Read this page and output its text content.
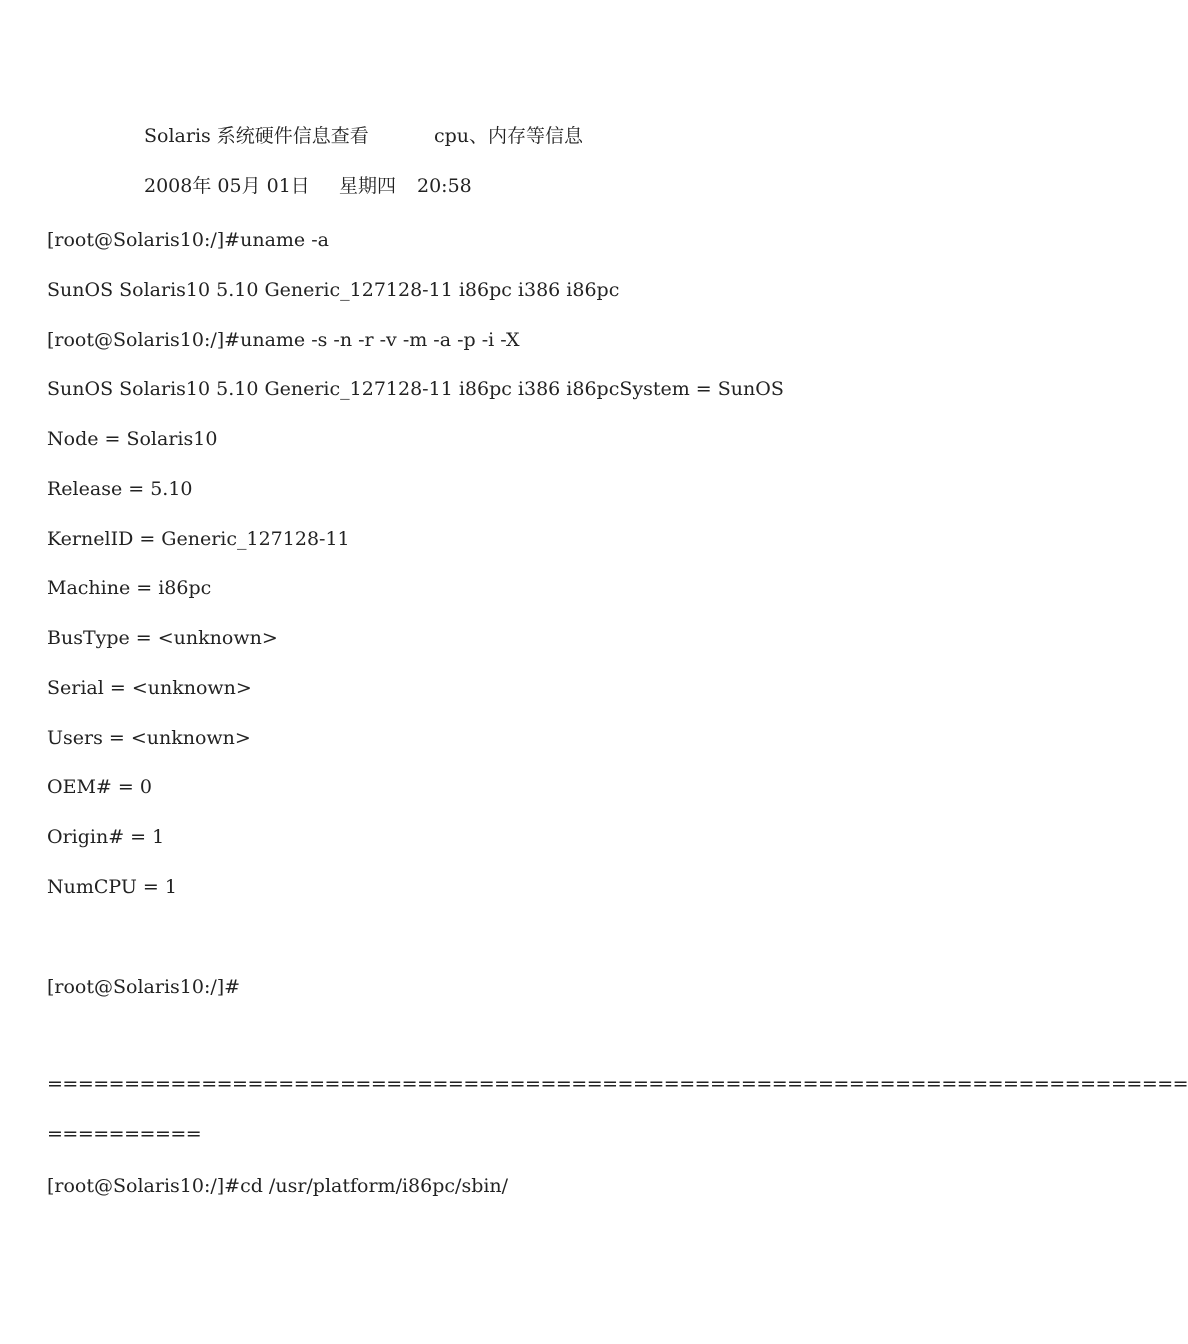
Solaris 系统硬件信息查看	cpu、内存等信息
2008年 05月 01日 星期四 20:58
[root@Solaris10:/]#uname -a
SunOS Solaris10 5.10 Generic_127128-11 i86pc i386 i86pc
[root@Solaris10:/]#uname -s -n -r -v -m -a -p -i -X
SunOS Solaris10 5.10 Generic_127128-11 i86pc i386 i86pcSystem = SunOS
Node = Solaris10
Release = 5.10
KernelID = Generic_127128-11
Machine = i86pc
BusType = <unknown>
Serial = <unknown>
Users = <unknown>
OEM# = 0
Origin# = 1
NumCPU = 1
[root@Solaris10:/]#
==========================================================================
==========
[root@Solaris10:/]#cd /usr/platform/i86pc/sbin/
